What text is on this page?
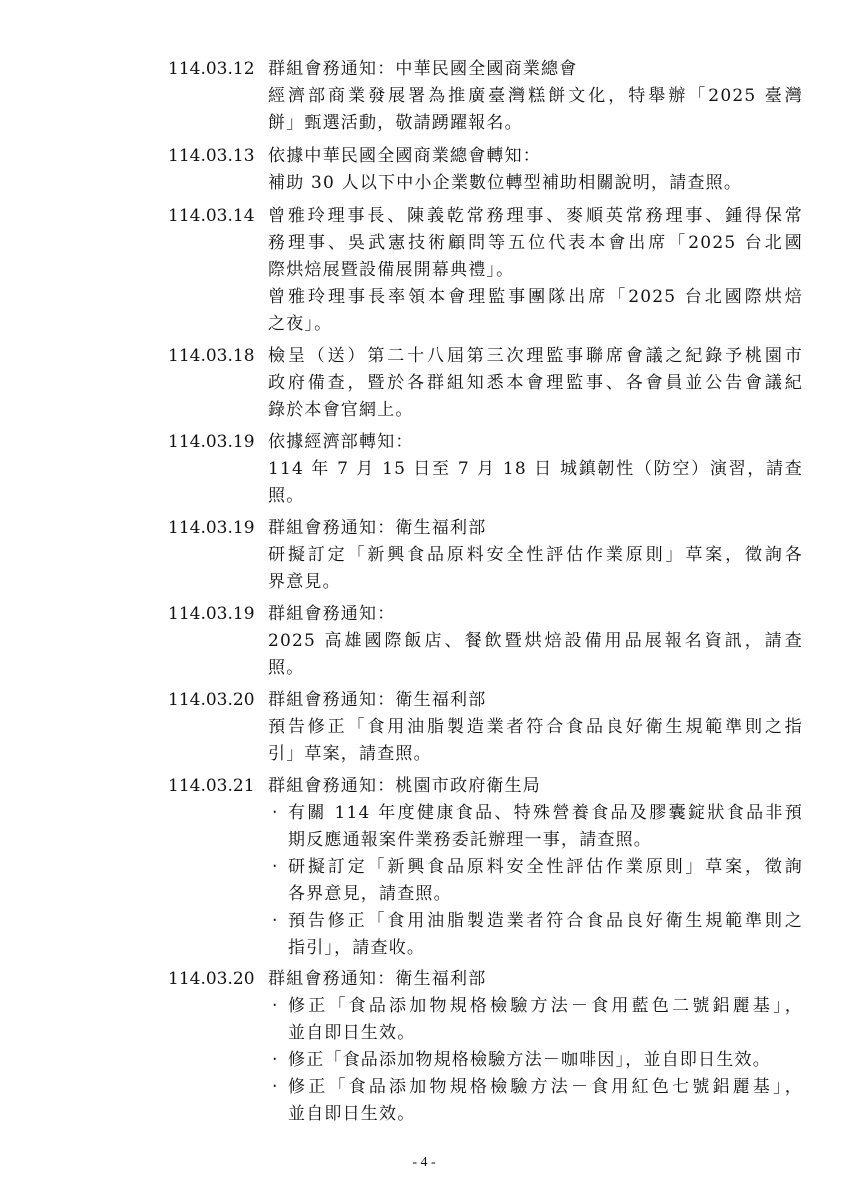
114.03.12 群組會務通知：中華民國全國商業總會
經濟部商業發展署為推廣臺灣糕餅文化，特舉辦「2025 臺灣
餅」甄選活動，敬請踴躍報名。
114.03.13 依據中華民國全國商業總會轉知：
補助 30 人以下中小企業數位轉型補助相關說明，請查照。
114.03.14 曾雅玲理事長、陳義乾常務理事、麥順英常務理事、鍾得保常
務理事、吳武憲技術顧問等五位代表本會出席「2025 台北國
際烘焙展暨設備展開幕典禮」。
曾雅玲理事長率領本會理監事團隊出席「2025 台北國際烘焙
之夜」。
114.03.18 檢呈（送）第二十八屆第三次理監事聯席會議之紀錄予桃園市
政府備查，暨於各群組知悉本會理監事、各會員並公告會議紀
錄於本會官網上。
114.03.19 依據經濟部轉知：
114 年 7 月 15 日至 7 月 18 日 城鎮韌性（防空）演習，請查
照。
114.03.19 群組會務通知：衛生福利部
研擬訂定「新興食品原料安全性評估作業原則」草案，徵詢各
界意見。
114.03.19 群組會務通知：
2025 高雄國際飯店、餐飲暨烘焙設備用品展報名資訊，請查
照。
114.03.20 群組會務通知：衛生福利部
預告修正「食用油脂製造業者符合食品良好衛生規範準則之指
引」草案，請查照。
114.03.21 群組會務通知：桃園市政府衛生局
‧ 有關 114 年度健康食品、特殊營養食品及膠囊錠狀食品非預
期反應通報案件業務委託辦理一事，請查照。
‧ 研擬訂定「新興食品原料安全性評估作業原則」草案，徵詢
各界意見，請查照。
‧ 預告修正「食用油脂製造業者符合食品良好衛生規範準則之
指引」，請查收。
114.03.20 群組會務通知：衛生福利部
‧ 修正「食品添加物規格檢驗方法－食用藍色二號鋁麗基」，
並自即日生效。
‧ 修正「食品添加物規格檢驗方法－咖啡因」，並自即日生效。
‧ 修正「食品添加物規格檢驗方法－食用紅色七號鋁麗基」，
並自即日生效。
- 4 -
